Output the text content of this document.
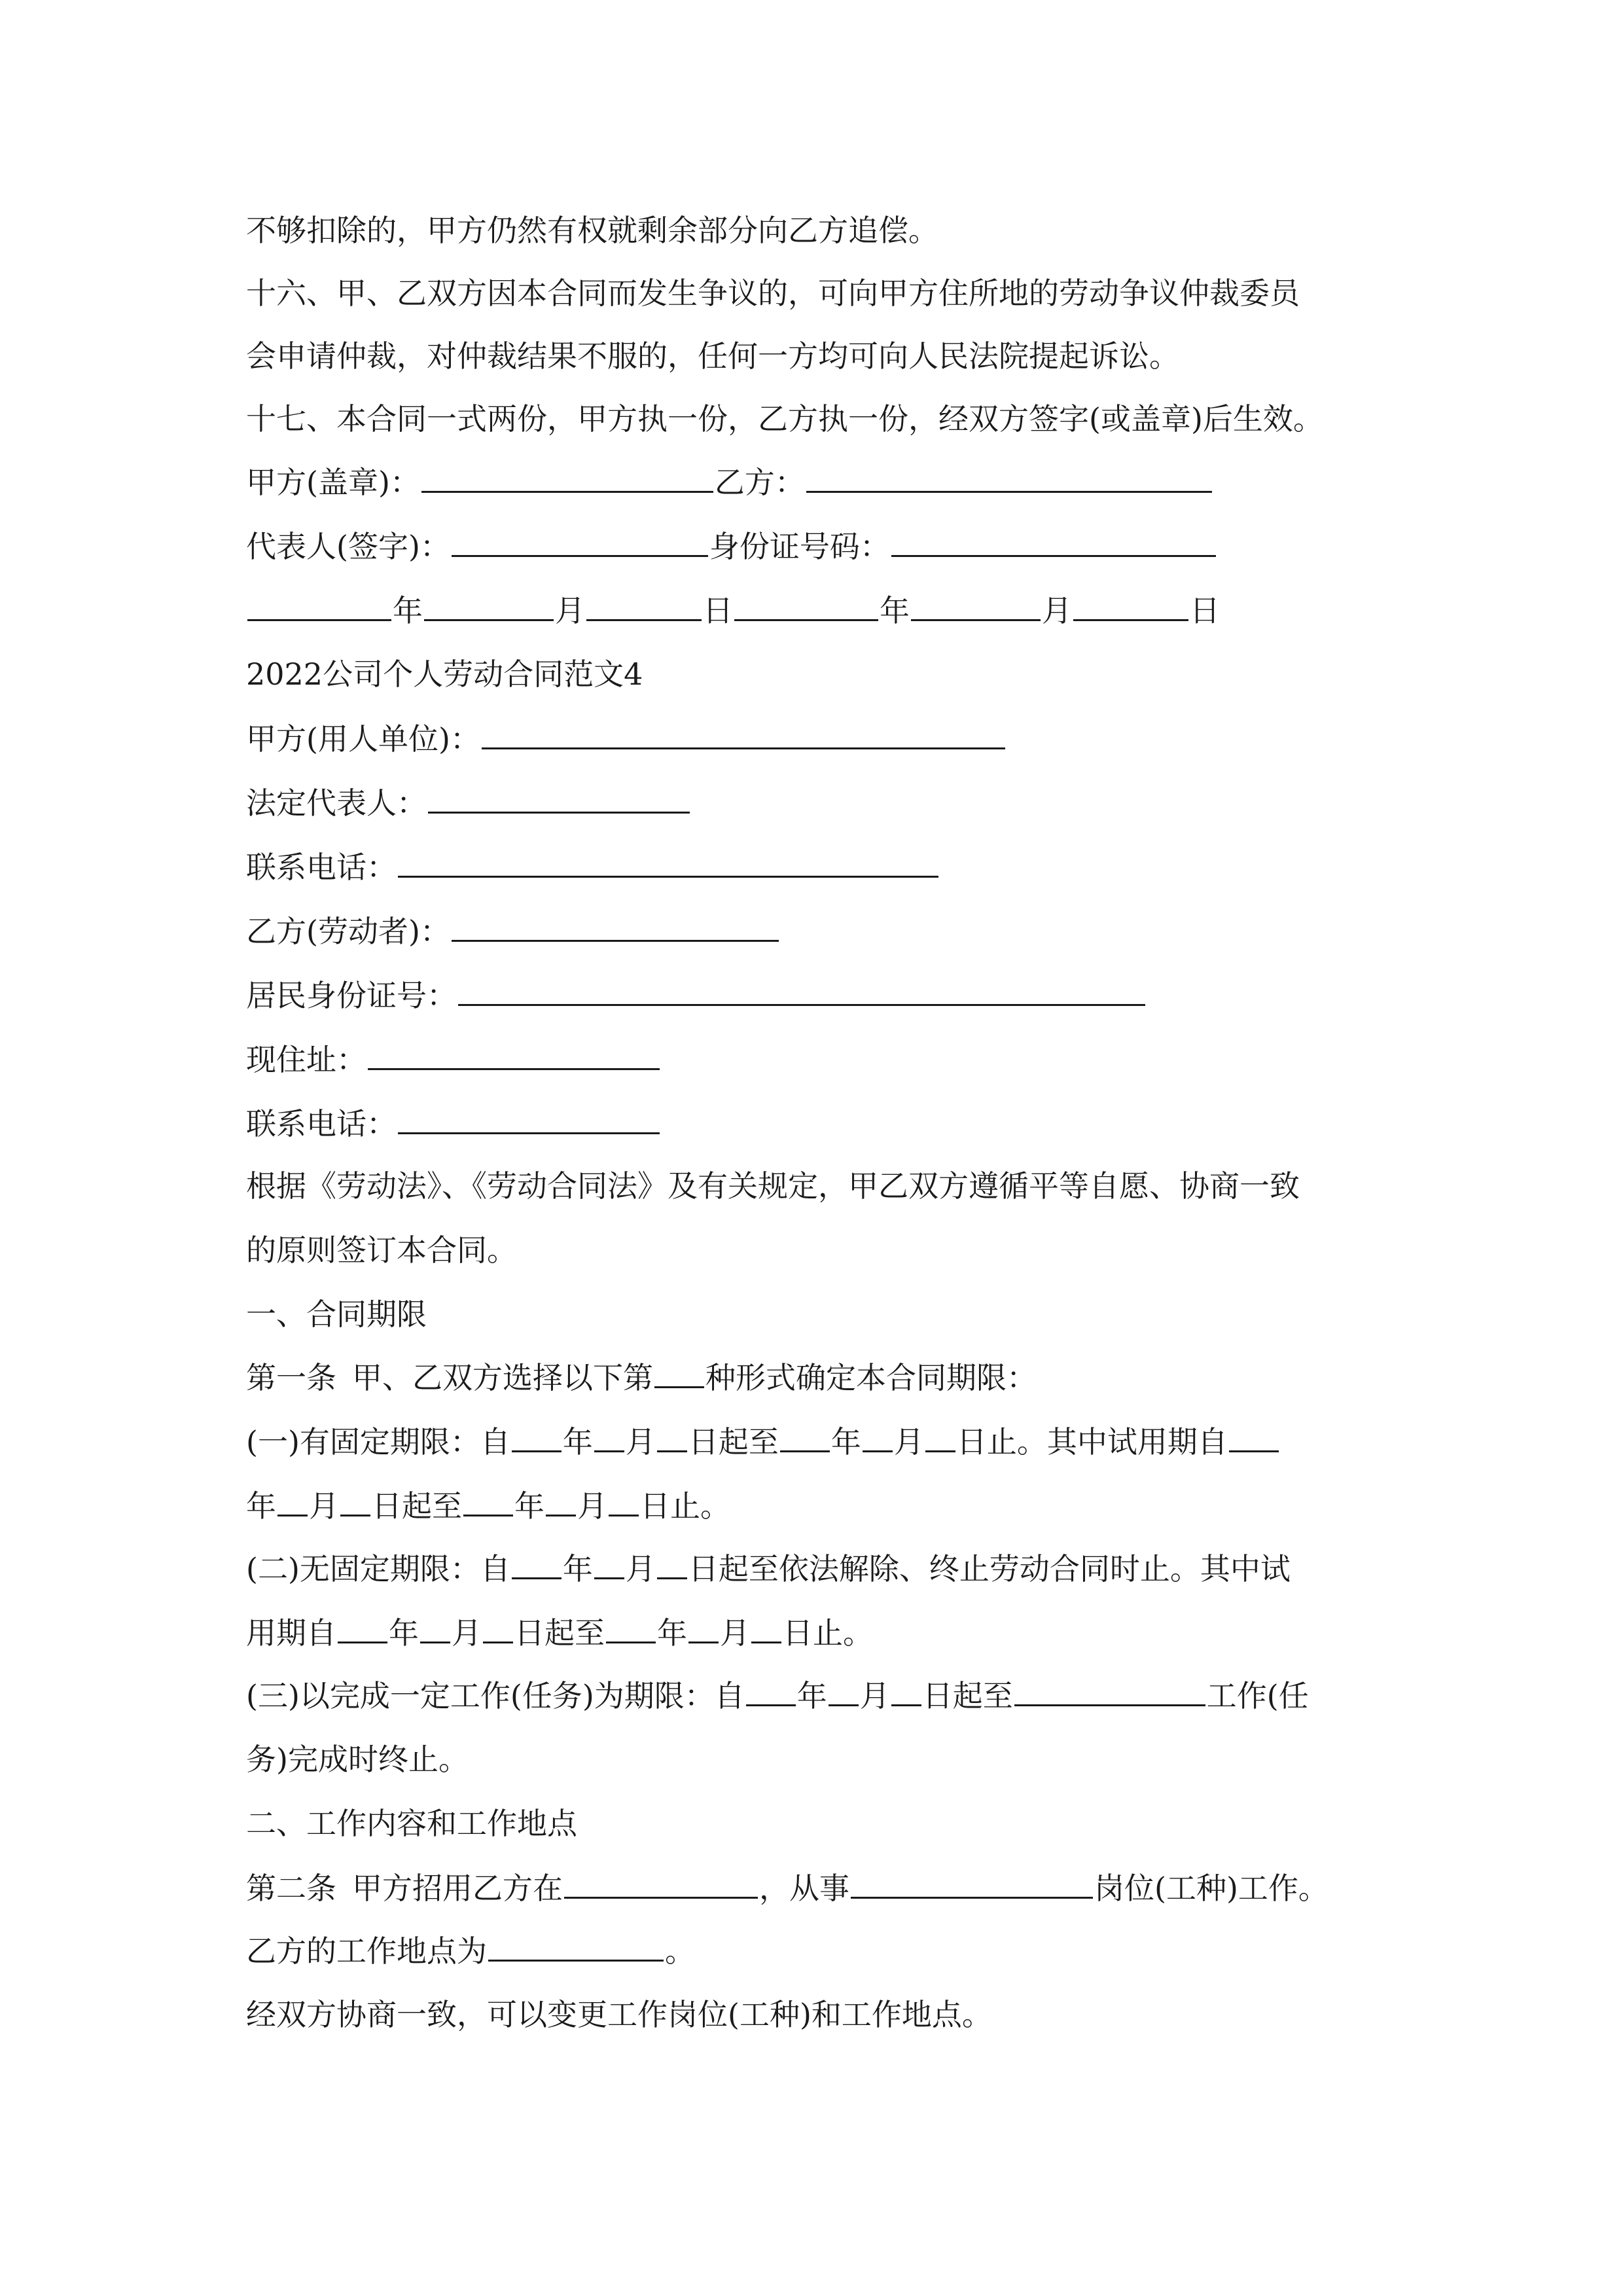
不够扣除的，甲方仍然有权就剩余部分向乙方追偿。
十六、甲、乙双方因本合同而发生争议的，可向甲方住所地的劳动争议仲裁委员
会申请仲裁，对仲裁结果不服的，任何一方均可向人民法院提起诉讼。
十七、本合同一式两份，甲方执一份，乙方执一份，经双方签字(或盖章)后生效。
甲方(盖章)：	乙方：
代表人(签字)：	身份证号码：
年	月	日	年	月	日
2022公司个人劳动合同范文4
甲方(用人单位)：
法定代表人：
联系电话：
乙方(劳动者)：
居民身份证号：
现住址：
联系电话：
根据《劳动法》、《劳动合同法》及有关规定，甲乙双方遵循平等自愿、协商一致
的原则签订本合同。
一、合同期限
第一条 甲、乙双方选择以下第 种形式确定本合同期限：
(一)有固定期限：自 年 月 日起至 年 月 日止。其中试用期自
年 月 日起至 年 月 日止。
(二)无固定期限：自 年 月 日起至依法解除、终止劳动合同时止。其中试
用期自 年 月 日起至 年 月 日止。
(三)以完成一定工作(任务)为期限：自 年 月 日起至	工作(任
务)完成时终止。
二、工作内容和工作地点
第二条 甲方招用乙方在	，从事	岗位(工种)工作。
乙方的工作地点为	。
经双方协商一致，可以变更工作岗位(工种)和工作地点。
